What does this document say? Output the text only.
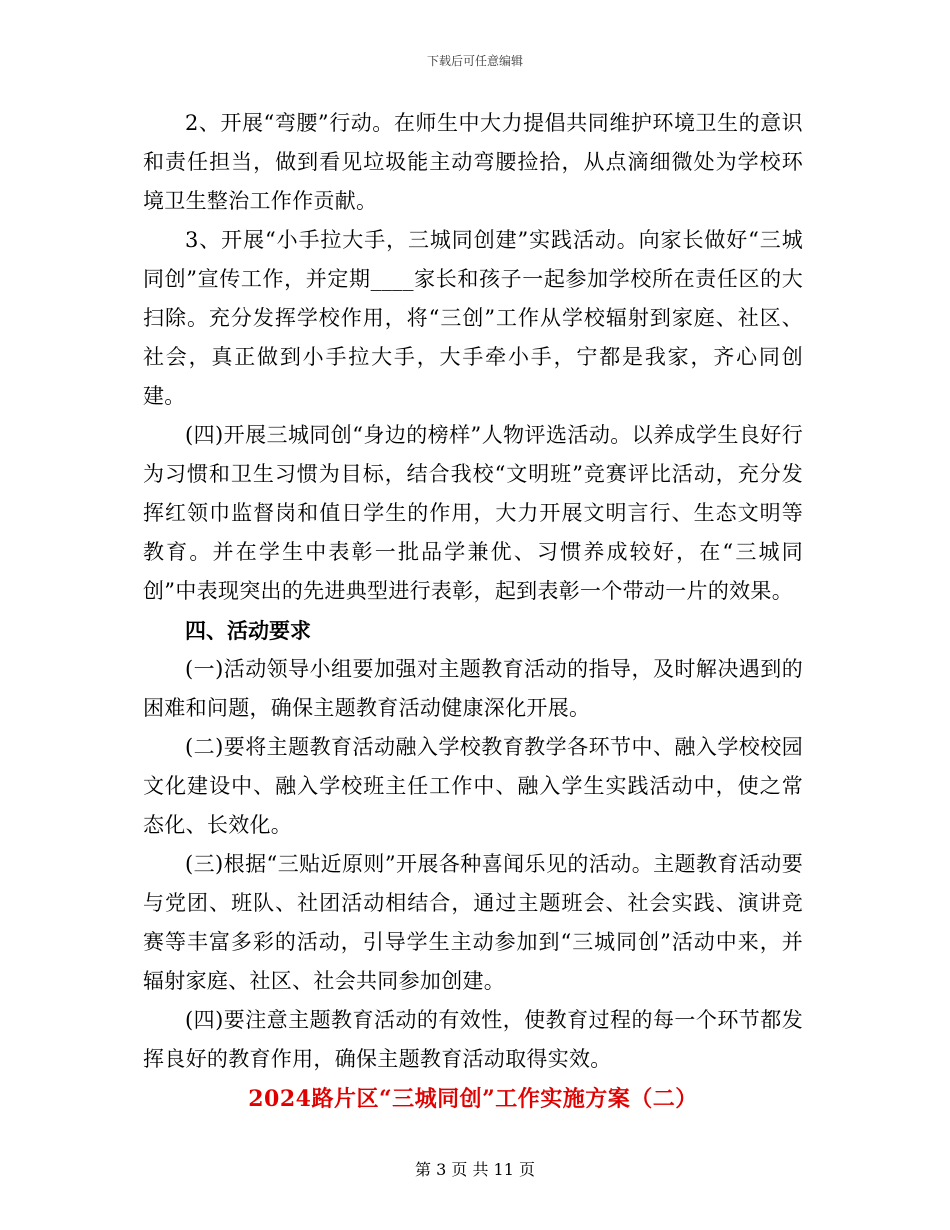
下载后可任意编辑

2、开展“弯腰”行动。在师生中大力提倡共同维护环境卫生的意识和责任担当，做到看见垃圾能主动弯腰捡拾，从点滴细微处为学校环境卫生整治工作作贡献。

3、开展“小手拉大手，三城同创建”实践活动。向家长做好“三城同创”宣传工作，并定期____家长和孩子一起参加学校所在责任区的大扫除。充分发挥学校作用，将“三创”工作从学校辐射到家庭、社区、社会，真正做到小手拉大手，大手牵小手，宁都是我家，齐心同创建。

(四)开展三城同创“身边的榜样”人物评选活动。以养成学生良好行为习惯和卫生习惯为目标，结合我校“文明班”竞赛评比活动，充分发挥红领巾监督岗和值日学生的作用，大力开展文明言行、生态文明等教育。并在学生中表彰一批品学兼优、习惯养成较好，在“三城同创”中表现突出的先进典型进行表彰，起到表彰一个带动一片的效果。

四、活动要求

(一)活动领导小组要加强对主题教育活动的指导，及时解决遇到的困难和问题，确保主题教育活动健康深化开展。

(二)要将主题教育活动融入学校教育教学各环节中、融入学校校园文化建设中、融入学校班主任工作中、融入学生实践活动中，使之常态化、长效化。

(三)根据“三贴近原则”开展各种喜闻乐见的活动。主题教育活动要与党团、班队、社团活动相结合，通过主题班会、社会实践、演讲竞赛等丰富多彩的活动，引导学生主动参加到“三城同创”活动中来，并辐射家庭、社区、社会共同参加创建。

(四)要注意主题教育活动的有效性，使教育过程的每一个环节都发挥良好的教育作用，确保主题教育活动取得实效。

2024路片区“三城同创”工作实施方案（二）

第 3 页 共 11 页
